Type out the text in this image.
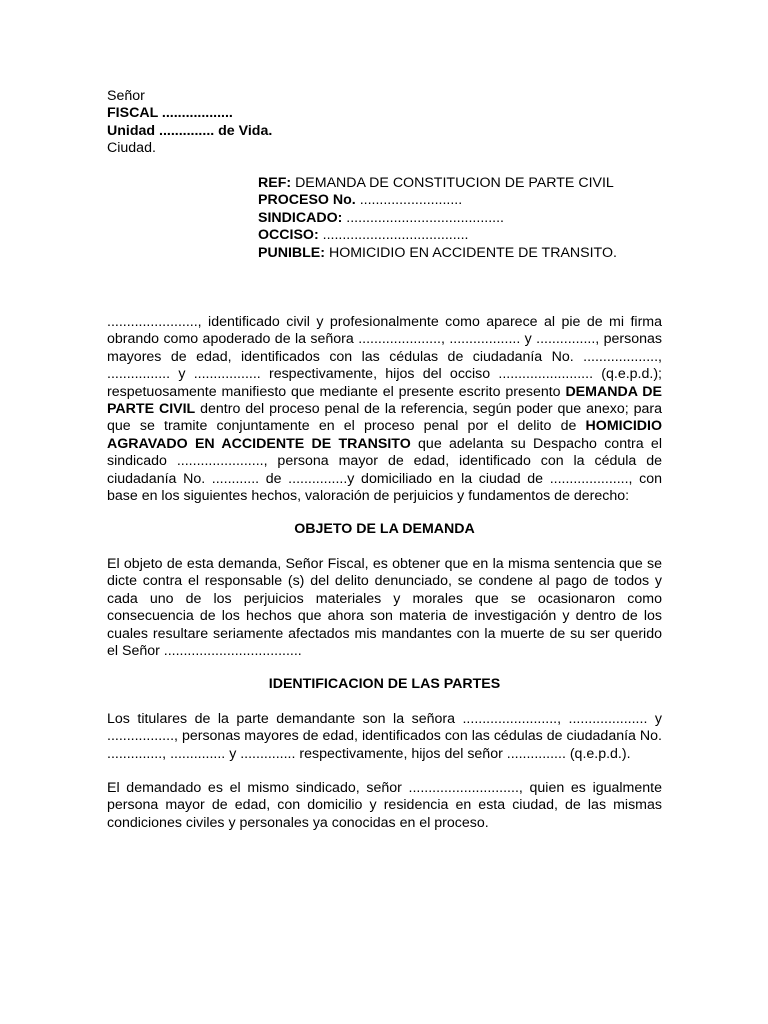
Señor
FISCAL ..................
Unidad .............. de Vida.
Ciudad.
REF: DEMANDA DE CONSTITUCION DE PARTE CIVIL
PROCESO No. ..........................
SINDICADO: ........................................
OCCISO: .....................................
PUNIBLE: HOMICIDIO EN ACCIDENTE DE TRANSITO.

......................., identificado civil y profesionalmente como aparece al pie de mi firma obrando como apoderado de la señora ....................., .................. y ..............., personas mayores de edad, identificados con las cédulas de ciudadanía No. ..................., ................ y ................. respectivamente, hijos del occiso ........................ (q.e.p.d.); respetuosamente manifiesto que mediante el presente escrito presento DEMANDA DE PARTE CIVIL dentro del proceso penal de la referencia, según poder que anexo; para que se tramite conjuntamente en el proceso penal por el delito de HOMICIDIO AGRAVADO EN ACCIDENTE DE TRANSITO que adelanta su Despacho contra el sindicado ......................, persona mayor de edad, identificado con la cédula de ciudadanía No. ............ de ...............y domiciliado en la ciudad de ...................., con base en los siguientes hechos, valoración de perjuicios y fundamentos de derecho:

OBJETO DE LA DEMANDA

El objeto de esta demanda, Señor Fiscal, es obtener que en la misma sentencia que se dicte contra el responsable (s) del delito denunciado, se condene al pago de todos y cada uno de los perjuicios materiales y morales que se ocasionaron como consecuencia de los hechos que ahora son materia de investigación y dentro de los cuales resultare seriamente afectados mis mandantes con la muerte de su ser querido el Señor ...................................

IDENTIFICACION DE LAS PARTES

Los titulares de la parte demandante son la señora ........................, .................... y ................., personas mayores de edad, identificados con las cédulas de ciudadanía No. .............., .............. y .............. respectivamente, hijos del señor ............... (q.e.p.d.).

El demandado es el mismo sindicado, señor ............................, quien es igualmente persona mayor de edad, con domicilio y residencia en esta ciudad, de las mismas condiciones civiles y personales ya conocidas en el proceso.
